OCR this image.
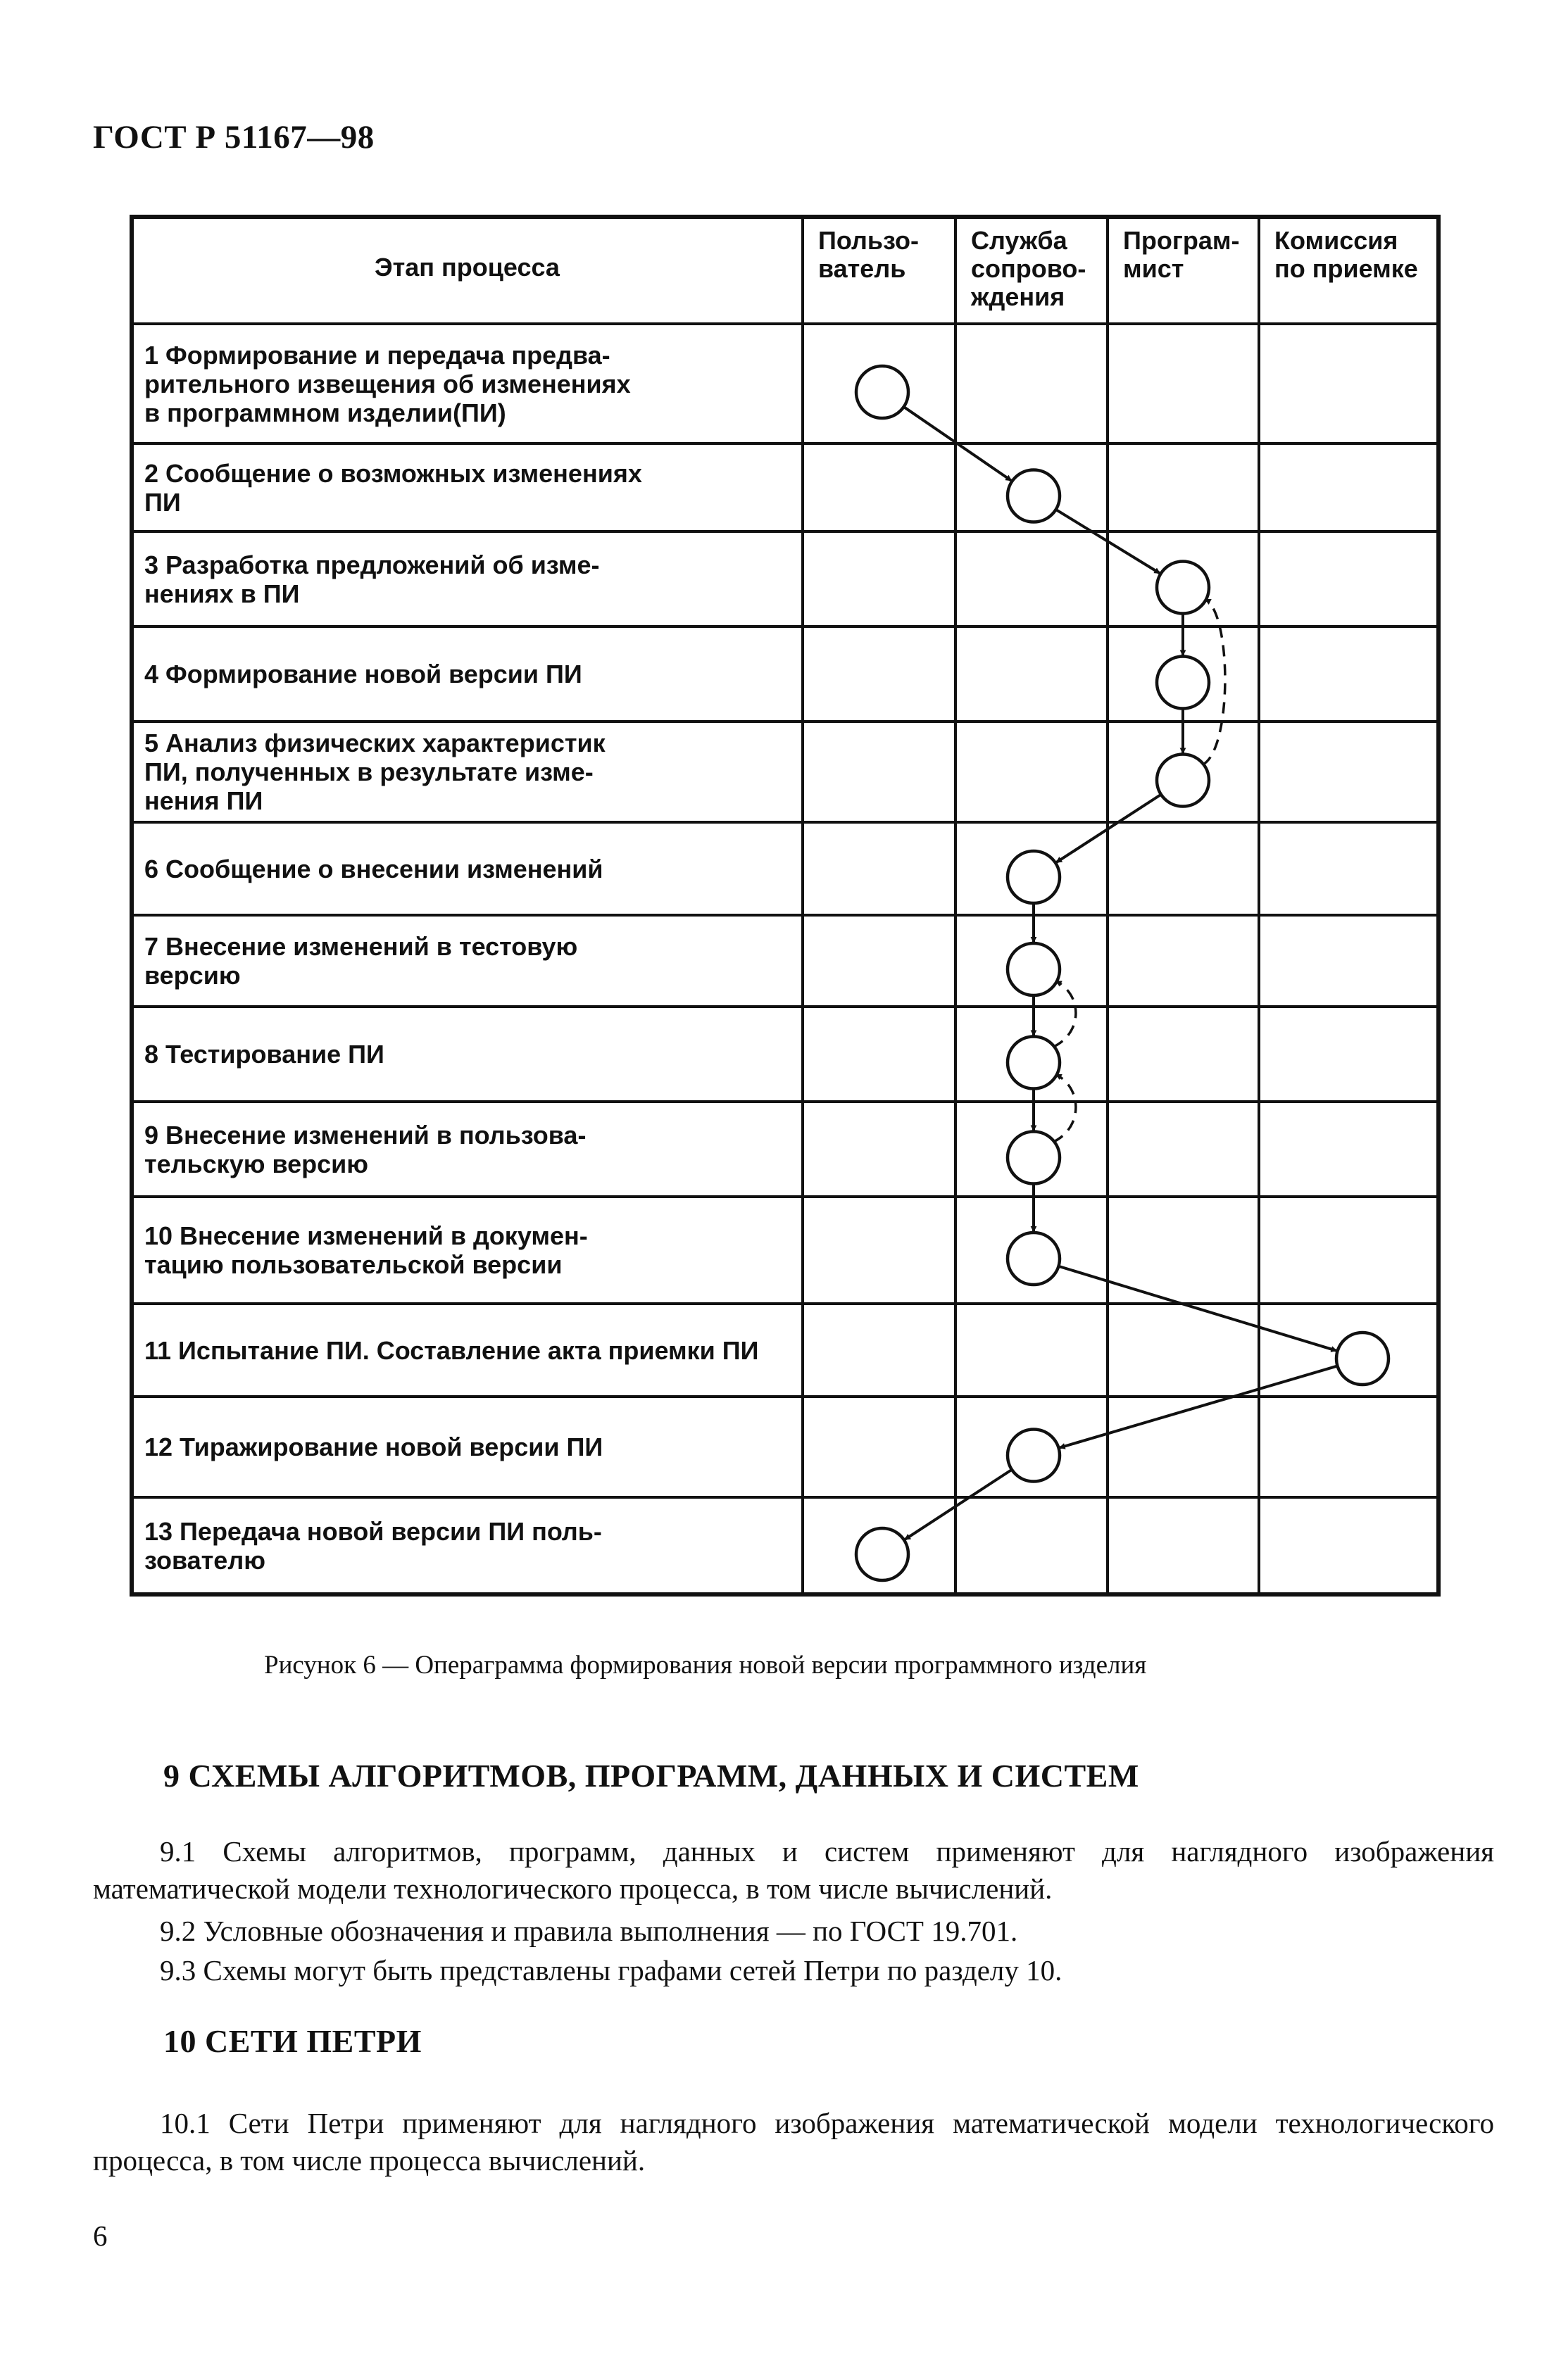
ГОСТ Р 51167—98
Этап процесса
Пользо-
ватель
Служба
сопрово-
ждения
Програм-
мист
Комиссия
по приемке
1 Формирование и передача предва-
рительного извещения об изменениях
в программном изделии(ПИ)
2 Сообщение о возможных изменениях
ПИ
3 Разработка предложений об изме-
нениях в ПИ
4 Формирование новой версии ПИ
5 Анализ физических характеристик
ПИ, полученных в результате изме-
нения ПИ
6 Сообщение о внесении изменений
7 Внесение изменений в тестовую
версию
8 Тестирование ПИ
9 Внесение изменений в пользова-
тельскую версию
10 Внесение изменений в докумен-
тацию пользовательской версии
11 Испытание ПИ. Составление акта приемки ПИ
12 Тиражирование новой версии ПИ
13 Передача новой версии ПИ поль-
зователю
Рисунок 6 — Операграмма формирования новой версии программного изделия
9 СХЕМЫ АЛГОРИТМОВ, ПРОГРАММ, ДАННЫХ И СИСТЕМ
9.1 Схемы алгоритмов, программ, данных и систем применяют для наглядного изображения математической модели технологического процесса, в том числе вычислений.
9.2 Условные обозначения и правила выполнения — по ГОСТ 19.701.
9.3 Схемы могут быть представлены графами сетей Петри по разделу 10.
10 СЕТИ ПЕТРИ
10.1 Сети Петри применяют для наглядного изображения математической модели технологического процесса, в том числе процесса вычислений.
6
